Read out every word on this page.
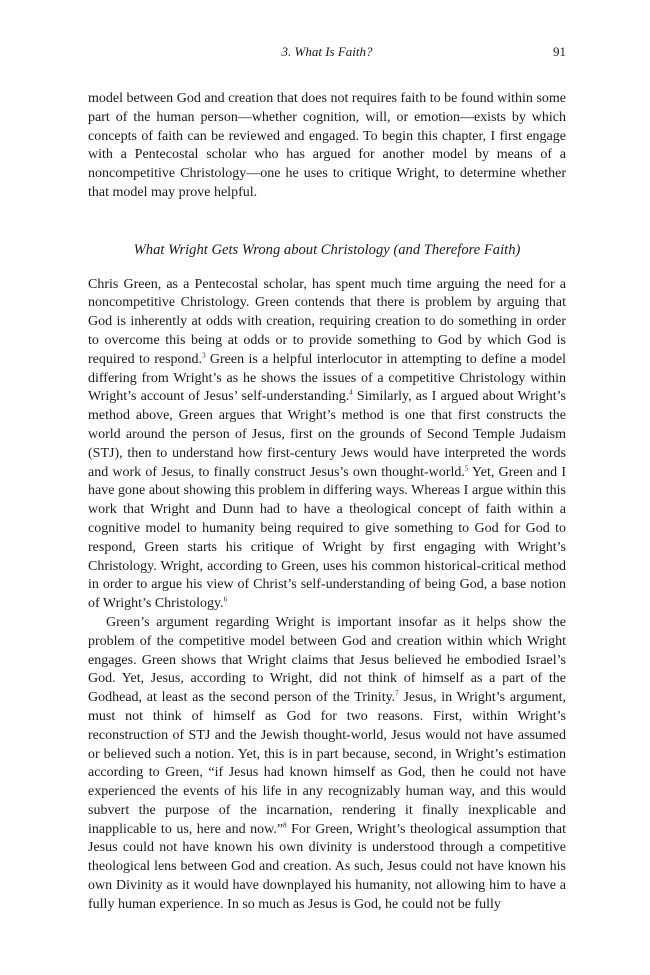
3. What Is Faith?	91

model between God and creation that does not requires faith to be found within some part of the human person—whether cognition, will, or emotion—exists by which concepts of faith can be reviewed and engaged. To begin this chapter, I first engage with a Pentecostal scholar who has argued for another model by means of a noncompetitive Christology—one he uses to critique Wright, to determine whether that model may prove helpful.

What Wright Gets Wrong about Christology (and Therefore Faith)

Chris Green, as a Pentecostal scholar, has spent much time arguing the need for a noncompetitive Christology. Green contends that there is problem by arguing that God is inherently at odds with creation, requiring creation to do something in order to overcome this being at odds or to provide something to God by which God is required to respond.$^3$ Green is a helpful interlocutor in attempting to define a model differing from Wright’s as he shows the issues of a competitive Christology within Wright’s account of Jesus’ self-understanding.$^4$ Similarly, as I argued about Wright’s method above, Green argues that Wright’s method is one that first constructs the world around the person of Jesus, first on the grounds of Second Temple Judaism (STJ), then to understand how first-century Jews would have interpreted the words and work of Jesus, to finally construct Jesus’s own thought-world.$^5$ Yet, Green and I have gone about showing this problem in differing ways. Whereas I argue within this work that Wright and Dunn had to have a theological concept of faith within a cognitive model to humanity being required to give something to God for God to respond, Green starts his critique of Wright by first engaging with Wright’s Christology. Wright, according to Green, uses his common historical-critical method in order to argue his view of Christ’s self-understanding of being God, a base notion of Wright’s Christology.$^6$

Green’s argument regarding Wright is important insofar as it helps show the problem of the competitive model between God and creation within which Wright engages. Green shows that Wright claims that Jesus believed he embodied Israel’s God. Yet, Jesus, according to Wright, did not think of himself as a part of the Godhead, at least as the second person of the Trinity.$^7$ Jesus, in Wright’s argument, must not think of himself as God for two reasons. First, within Wright’s reconstruction of STJ and the Jewish thought-world, Jesus would not have assumed or believed such a notion. Yet, this is in part because, second, in Wright’s estimation according to Green, “if Jesus had known himself as God, then he could not have experienced the events of his life in any recognizably human way, and this would subvert the purpose of the incarnation, rendering it finally inexplicable and inapplicable to us, here and now.”$^8$ For Green, Wright’s theological assumption that Jesus could not have known his own divinity is understood through a competitive theological lens between God and creation. As such, Jesus could not have known his own Divinity as it would have downplayed his humanity, not allowing him to have a fully human experience. In so much as Jesus is God, he could not be fully
